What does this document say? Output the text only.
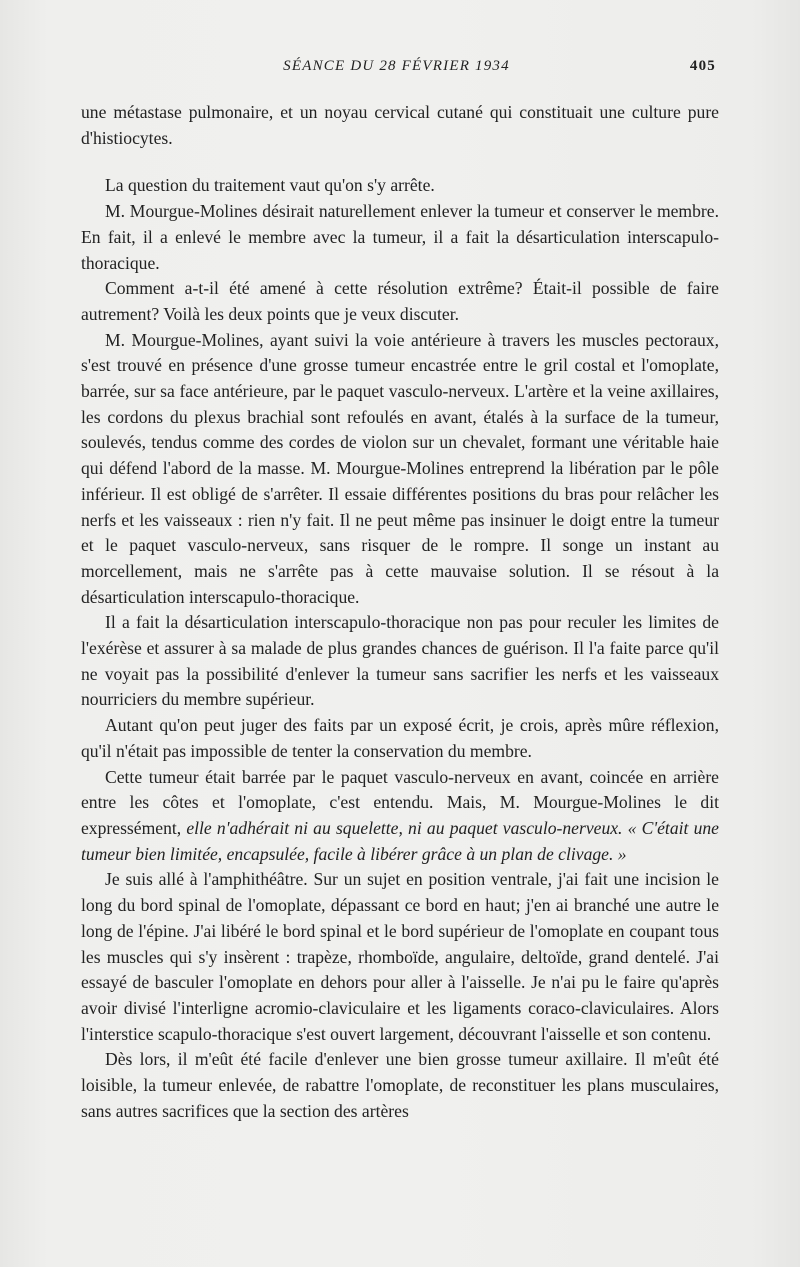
SÉANCE DU 28 FÉVRIER 1934	405

une métastase pulmonaire, et un noyau cervical cutané qui constituait une culture pure d'histiocytes.

La question du traitement vaut qu'on s'y arrête.

M. Mourgue-Molines désirait naturellement enlever la tumeur et conserver le membre. En fait, il a enlevé le membre avec la tumeur, il a fait la désarticulation interscapulo-thoracique.

Comment a-t-il été amené à cette résolution extrême? Était-il possible de faire autrement? Voilà les deux points que je veux discuter.

M. Mourgue-Molines, ayant suivi la voie antérieure à travers les muscles pectoraux, s'est trouvé en présence d'une grosse tumeur encastrée entre le gril costal et l'omoplate, barrée, sur sa face antérieure, par le paquet vasculo-nerveux. L'artère et la veine axillaires, les cordons du plexus brachial sont refoulés en avant, étalés à la surface de la tumeur, soulevés, tendus comme des cordes de violon sur un chevalet, formant une véritable haie qui défend l'abord de la masse. M. Mourgue-Molines entreprend la libération par le pôle inférieur. Il est obligé de s'arrêter. Il essaie différentes positions du bras pour relâcher les nerfs et les vaisseaux : rien n'y fait. Il ne peut même pas insinuer le doigt entre la tumeur et le paquet vasculo-nerveux, sans risquer de le rompre. Il songe un instant au morcellement, mais ne s'arrête pas à cette mauvaise solution. Il se résout à la désarticulation interscapulo-thoracique.

Il a fait la désarticulation interscapulo-thoracique non pas pour reculer les limites de l'exérèse et assurer à sa malade de plus grandes chances de guérison. Il l'a faite parce qu'il ne voyait pas la possibilité d'enlever la tumeur sans sacrifier les nerfs et les vaisseaux nourriciers du membre supérieur.

Autant qu'on peut juger des faits par un exposé écrit, je crois, après mûre réflexion, qu'il n'était pas impossible de tenter la conservation du membre.

Cette tumeur était barrée par le paquet vasculo-nerveux en avant, coincée en arrière entre les côtes et l'omoplate, c'est entendu. Mais, M. Mourgue-Molines le dit expressément, elle n'adhérait ni au squelette, ni au paquet vasculo-nerveux. « C'était une tumeur bien limitée, encapsulée, facile à libérer grâce à un plan de clivage. »

Je suis allé à l'amphithéâtre. Sur un sujet en position ventrale, j'ai fait une incision le long du bord spinal de l'omoplate, dépassant ce bord en haut; j'en ai branché une autre le long de l'épine. J'ai libéré le bord spinal et le bord supérieur de l'omoplate en coupant tous les muscles qui s'y insèrent : trapèze, rhomboïde, angulaire, deltoïde, grand dentelé. J'ai essayé de basculer l'omoplate en dehors pour aller à l'aisselle. Je n'ai pu le faire qu'après avoir divisé l'interligne acromio-claviculaire et les ligaments coraco-claviculaires. Alors l'interstice scapulo-thoracique s'est ouvert largement, découvrant l'aisselle et son contenu.

Dès lors, il m'eût été facile d'enlever une bien grosse tumeur axillaire. Il m'eût été loisible, la tumeur enlevée, de rabattre l'omoplate, de reconstituer les plans musculaires, sans autres sacrifices que la section des artères
